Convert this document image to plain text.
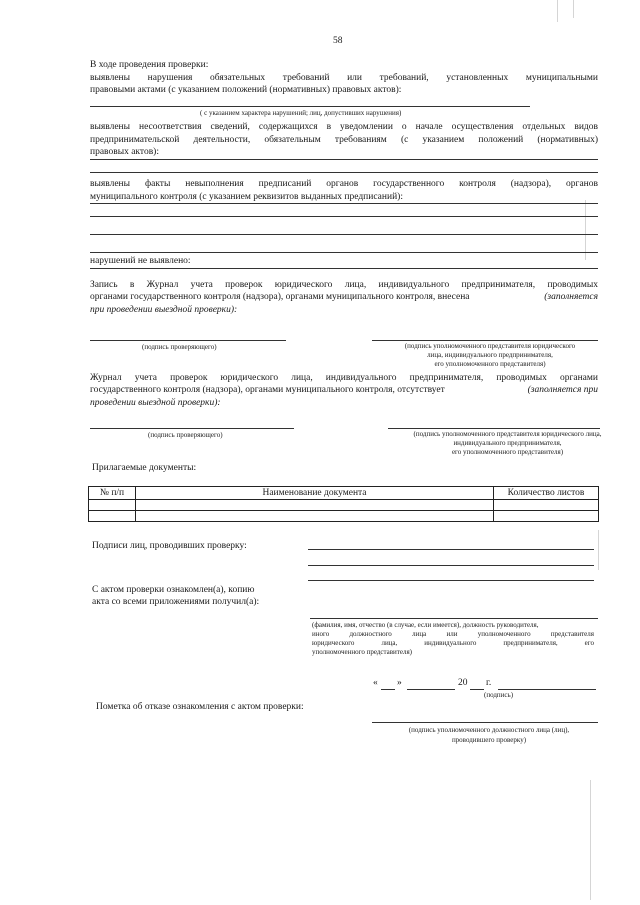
58
В ходе проведения проверки:
выявлены нарушения обязательных требований или требований, установленных муниципальными
правовыми актами (с указанием положений (нормативных) правовых актов):
( с указанием характера нарушений; лиц, допустивших нарушения)
выявлены несоответствия сведений, содержащихся в уведомлении о начале осуществления отдельных видов
предпринимательской деятельности, обязательным требованиям (с указанием положений (нормативных)
правовых актов):
выявлены факты невыполнения предписаний органов государственного контроля (надзора), органов
муниципального контроля (с указанием реквизитов выданных предписаний):
нарушений не выявлено:
Запись в Журнал учета проверок юридического лица, индивидуального предпринимателя, проводимых
органами государственного контроля (надзора), органами муниципального контроля, внесена	(заполняется
при проведении выездной проверки):
(подпись проверяющего)	(подпись уполномоченного представителя юридического
лица, индивидуального предпринимателя,
его уполномоченного представителя)
Журнал учета проверок юридического лица, индивидуального предпринимателя, проводимых органами
государственного контроля (надзора), органами муниципального контроля, отсутствует	(заполняется при
проведении выездной проверки):
(подпись проверяющего)	(подпись уполномоченного представителя юридического лица,
индивидуального предпринимателя,
его уполномоченного представителя)
Прилагаемые документы:
№ п/п	Наименование документа	Количество листов

Подписи лиц, проводивших проверку:
С актом проверки ознакомлен(а), копию
акта со всеми приложениями получил(а):
(фамилия, имя, отчество (в случае, если имеется), должность руководителя,
иного должностного лица или уполномоченного представителя
юридического лица, индивидуального предпринимателя, его
уполномоченного представителя)
« »	20 г.
(подпись)
Пометка об отказе ознакомления с актом проверки:
(подпись уполномоченного должностного лица (лиц),
проводившего проверку)
